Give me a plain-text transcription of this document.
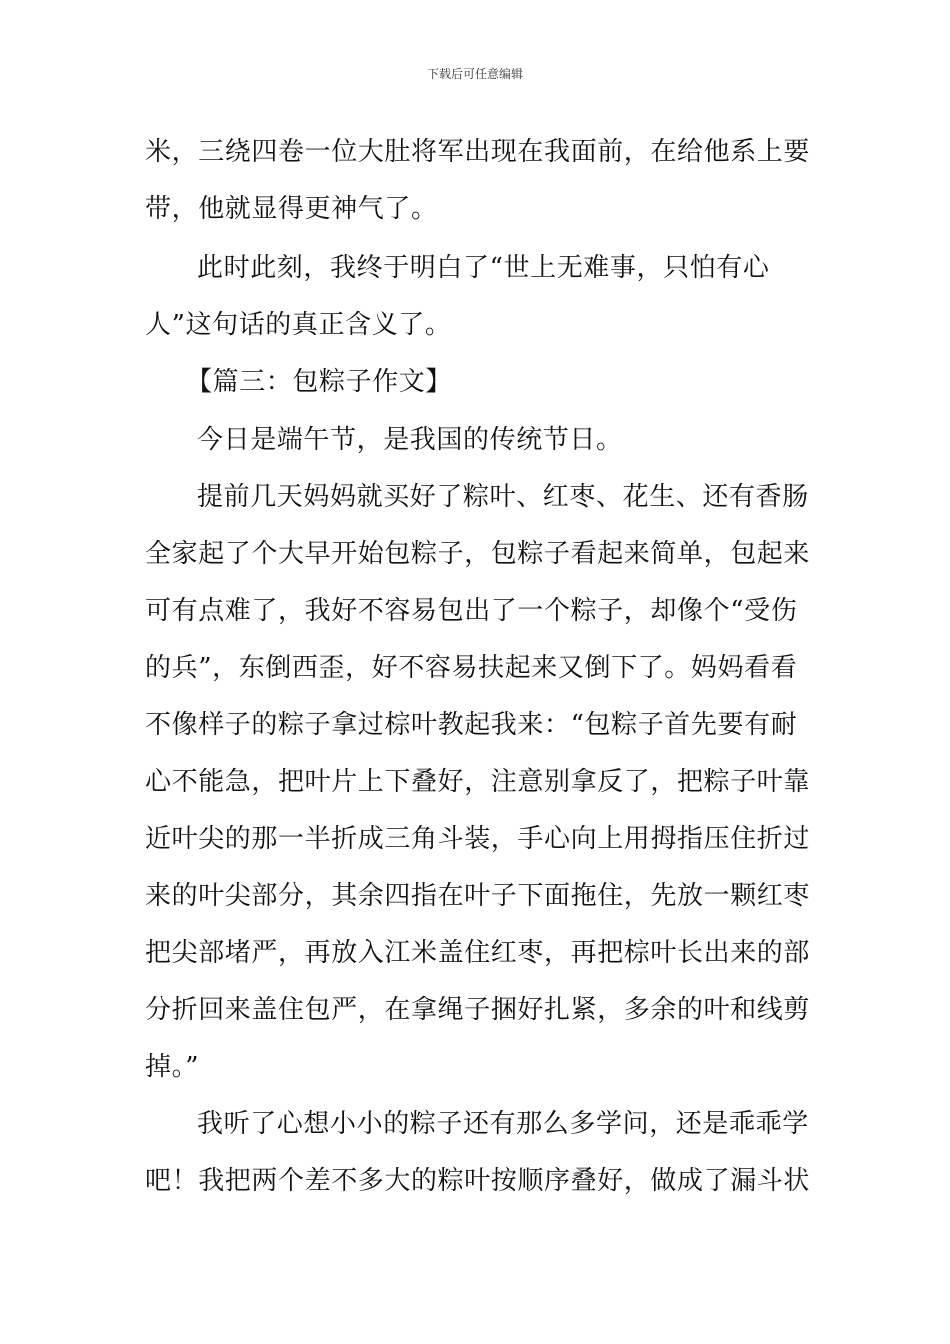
下载后可任意编辑
米，三绕四卷一位大肚将军出现在我面前，在给他系上要
带，他就显得更神气了。
此时此刻，我终于明白了“世上无难事，只怕有心
人”这句话的真正含义了。
【篇三：包粽子作文】
今日是端午节，是我国的传统节日。
提前几天妈妈就买好了粽叶、红枣、花生、还有香肠
全家起了个大早开始包粽子，包粽子看起来简单，包起来
可有点难了，我好不容易包出了一个粽子，却像个“受伤
的兵”，东倒西歪，好不容易扶起来又倒下了。妈妈看看
不像样子的粽子拿过棕叶教起我来：“包粽子首先要有耐
心不能急，把叶片上下叠好，注意别拿反了，把粽子叶靠
近叶尖的那一半折成三角斗装，手心向上用拇指压住折过
来的叶尖部分，其余四指在叶子下面拖住，先放一颗红枣
把尖部堵严，再放入江米盖住红枣，再把棕叶长出来的部
分折回来盖住包严，在拿绳子捆好扎紧，多余的叶和线剪
掉。”
我听了心想小小的粽子还有那么多学问，还是乖乖学
吧！我把两个差不多大的粽叶按顺序叠好，做成了漏斗状
